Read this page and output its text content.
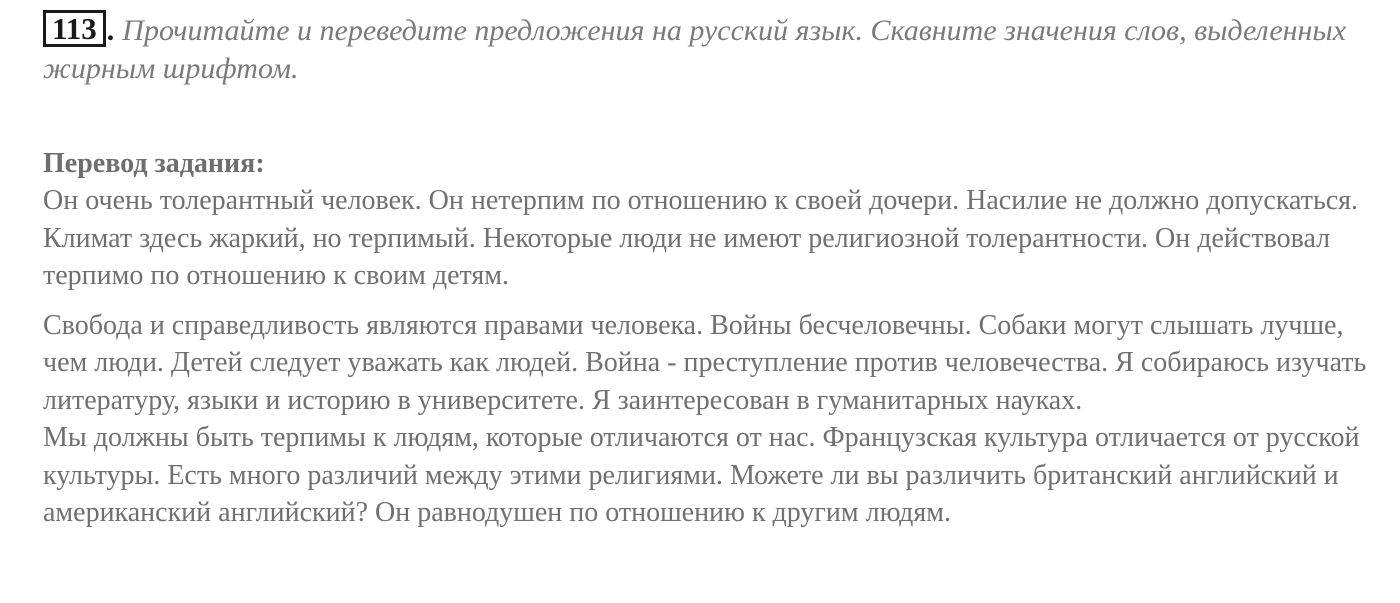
113 . Прочитайте и переведите предложения на русский язык. Скавните значения слов, выделенных жирным шрифтом.

Перевод задания:

Он очень толерантный человек. Он нетерпим по отношению к своей дочери. Насилие не должно допускаться. Климат здесь жаркий, но терпимый. Некоторые люди не имеют религиозной толерантности. Он действовал терпимо по отношению к своим детям.

Свобода и справедливость являются правами человека. Войны бесчеловечны. Собаки могут слышать лучше, чем люди. Детей следует уважать как людей. Война - преступление против человечества. Я собираюсь изучать литературу, языки и историю в университете. Я заинтересован в гуманитарных науках.

Мы должны быть терпимы к людям, которые отличаются от нас. Французская культура отличается от русской культуры. Есть много различий между этими религиями. Можете ли вы различить британский английский и американский английский? Он равнодушен по отношению к другим людям.
